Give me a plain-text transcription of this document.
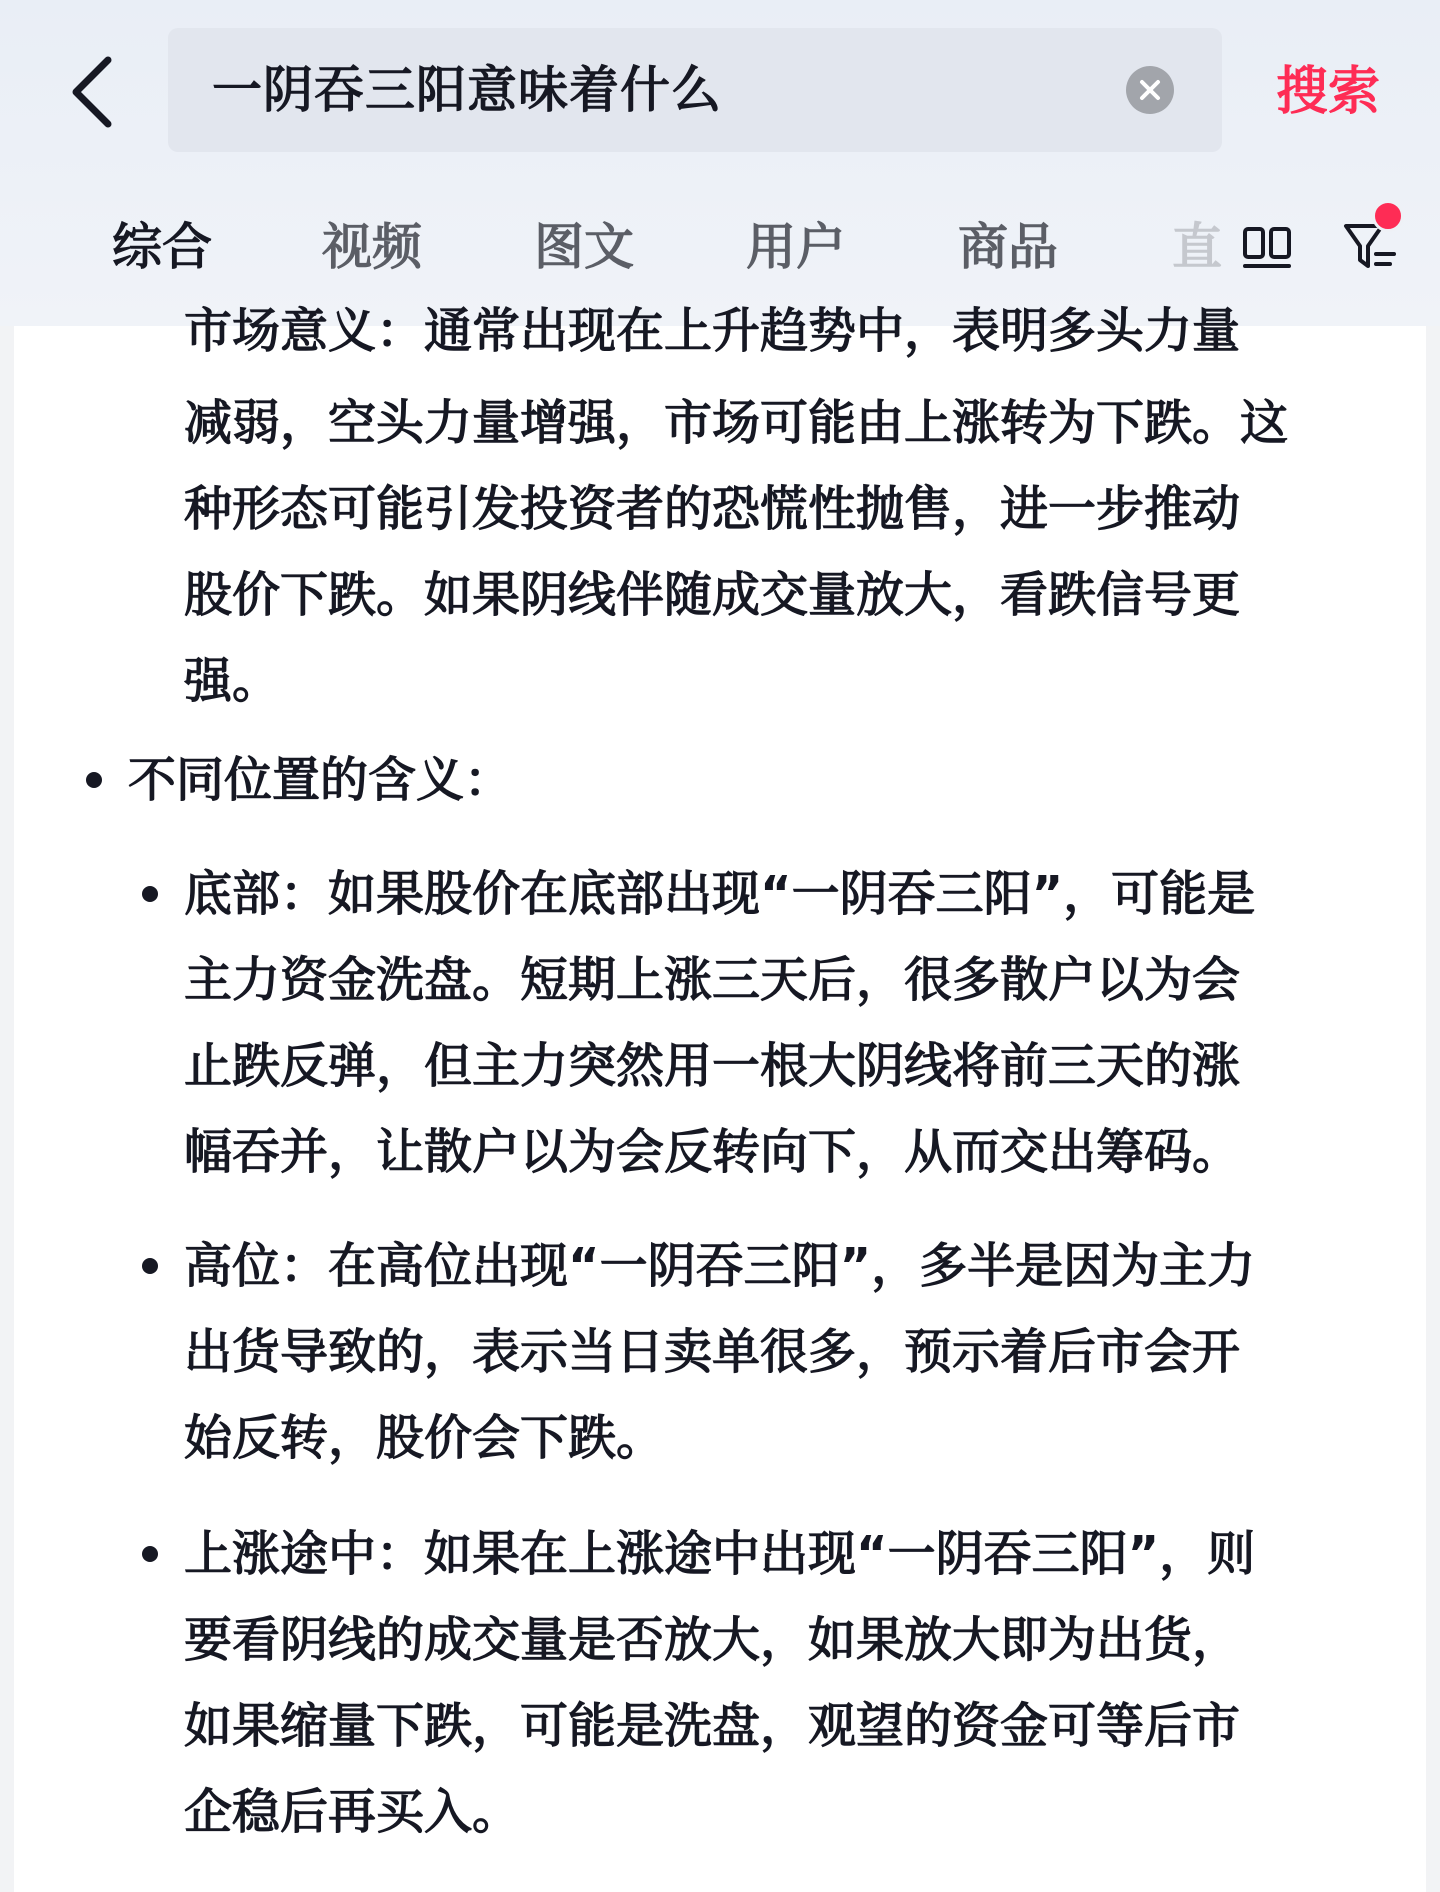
一阴吞三阳意味着什么
搜索
综合 视频 图文 用户 商品 直
市场意义：通常出现在上升趋势中，表明多头力量
减弱，空头力量增强，市场可能由上涨转为下跌。这
种形态可能引发投资者的恐慌性抛售，进一步推动
股价下跌。如果阴线伴随成交量放大，看跌信号更
强。
不同位置的含义：
底部：如果股价在底部出现“一阴吞三阳”，可能是
主力资金洗盘。短期上涨三天后，很多散户以为会
止跌反弹，但主力突然用一根大阴线将前三天的涨
幅吞并，让散户以为会反转向下，从而交出筹码。
高位：在高位出现“一阴吞三阳”，多半是因为主力
出货导致的，表示当日卖单很多，预示着后市会开
始反转，股价会下跌。
上涨途中：如果在上涨途中出现“一阴吞三阳”，则
要看阴线的成交量是否放大，如果放大即为出货，
如果缩量下跌，可能是洗盘，观望的资金可等后市
企稳后再买入。
